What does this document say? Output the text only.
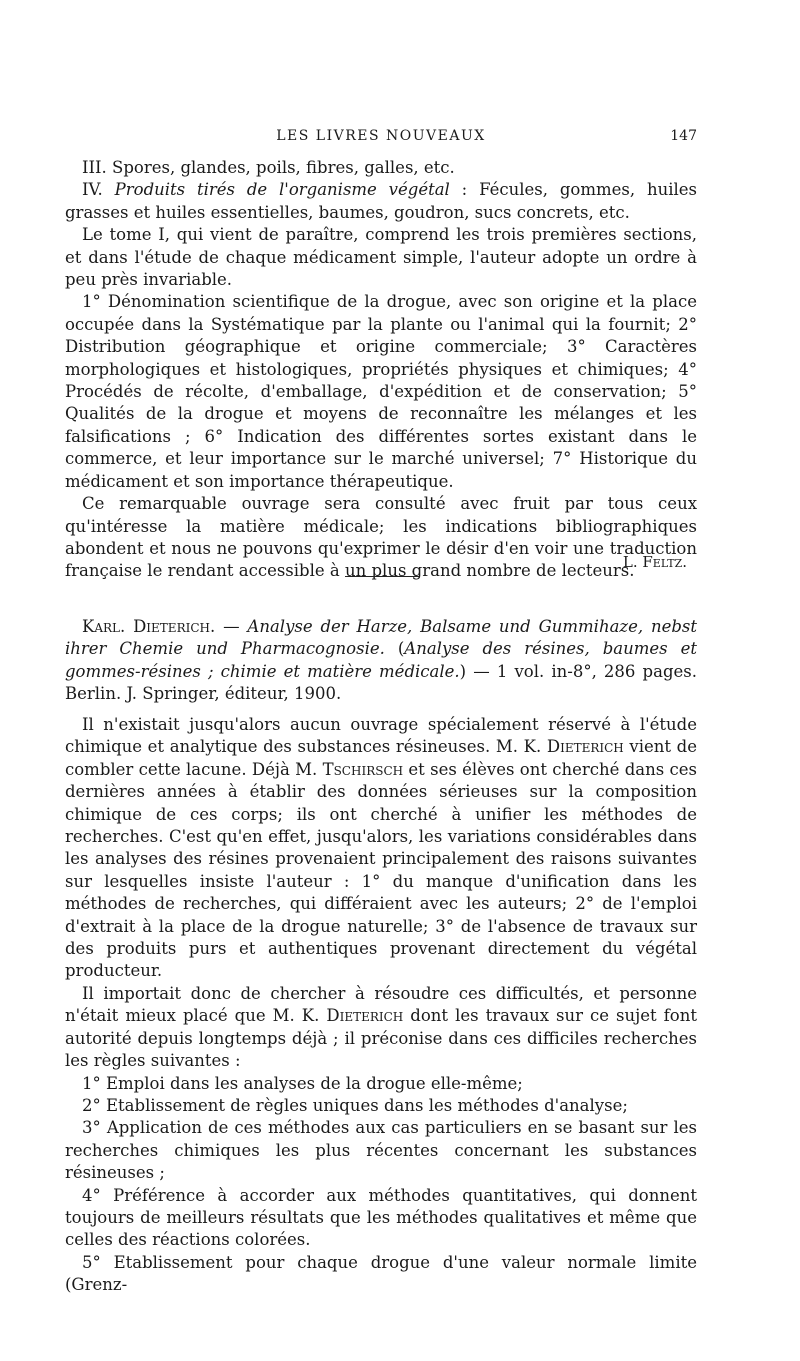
LES LIVRES NOUVEAUX	147

III. Spores, glandes, poils, fibres, galles, etc.

IV. Produits tirés de l'organisme végétal : Fécules, gommes, huiles grasses et huiles essentielles, baumes, goudron, sucs concrets, etc.

Le tome I, qui vient de paraître, comprend les trois premières sections, et dans l'étude de chaque médicament simple, l'auteur adopte un ordre à peu près invariable.

1° Dénomination scientifique de la drogue, avec son origine et la place occupée dans la Systématique par la plante ou l'animal qui la fournit; 2° Distribution géographique et origine commerciale; 3° Caractères morphologiques et histologiques, propriétés physiques et chimiques; 4° Procédés de récolte, d'emballage, d'expédition et de conservation; 5° Qualités de la drogue et moyens de reconnaître les mélanges et les falsifications ; 6° Indication des différentes sortes existant dans le commerce, et leur importance sur le marché universel; 7° Historique du médicament et son importance thérapeutique.

Ce remarquable ouvrage sera consulté avec fruit par tous ceux qu'intéresse la matière médicale; les indications bibliographiques abondent et nous ne pouvons qu'exprimer le désir d'en voir une traduction française le rendant accessible à un plus grand nombre de lecteurs.

L. Feltz.

Karl. Dieterich. — Analyse der Harze, Balsame und Gummihaze, nebst ihrer Chemie und Pharmacognosie. (Analyse des résines, baumes et gommes-résines ; chimie et matière médicale.) — 1 vol. in-8°, 286 pages. Berlin. J. Springer, éditeur, 1900.

Il n'existait jusqu'alors aucun ouvrage spécialement réservé à l'étude chimique et analytique des substances résineuses. M. K. Dieterich vient de combler cette lacune. Déjà M. Tschirsch et ses élèves ont cherché dans ces dernières années à établir des données sérieuses sur la composition chimique de ces corps; ils ont cherché à unifier les méthodes de recherches. C'est qu'en effet, jusqu'alors, les variations considérables dans les analyses des résines provenaient principalement des raisons suivantes sur lesquelles insiste l'auteur : 1° du manque d'unification dans les méthodes de recherches, qui différaient avec les auteurs; 2° de l'emploi d'extrait à la place de la drogue naturelle; 3° de l'absence de travaux sur des produits purs et authentiques provenant directement du végétal producteur.

Il importait donc de chercher à résoudre ces difficultés, et personne n'était mieux placé que M. K. Dieterich dont les travaux sur ce sujet font autorité depuis longtemps déjà ; il préconise dans ces difficiles recherches les règles suivantes :

1° Emploi dans les analyses de la drogue elle-même;

2° Etablissement de règles uniques dans les méthodes d'analyse;

3° Application de ces méthodes aux cas particuliers en se basant sur les recherches chimiques les plus récentes concernant les substances résineuses ;

4° Préférence à accorder aux méthodes quantitatives, qui donnent toujours de meilleurs résultats que les méthodes qualitatives et même que celles des réactions colorées.

5° Etablissement pour chaque drogue d'une valeur normale limite (Grenz-
